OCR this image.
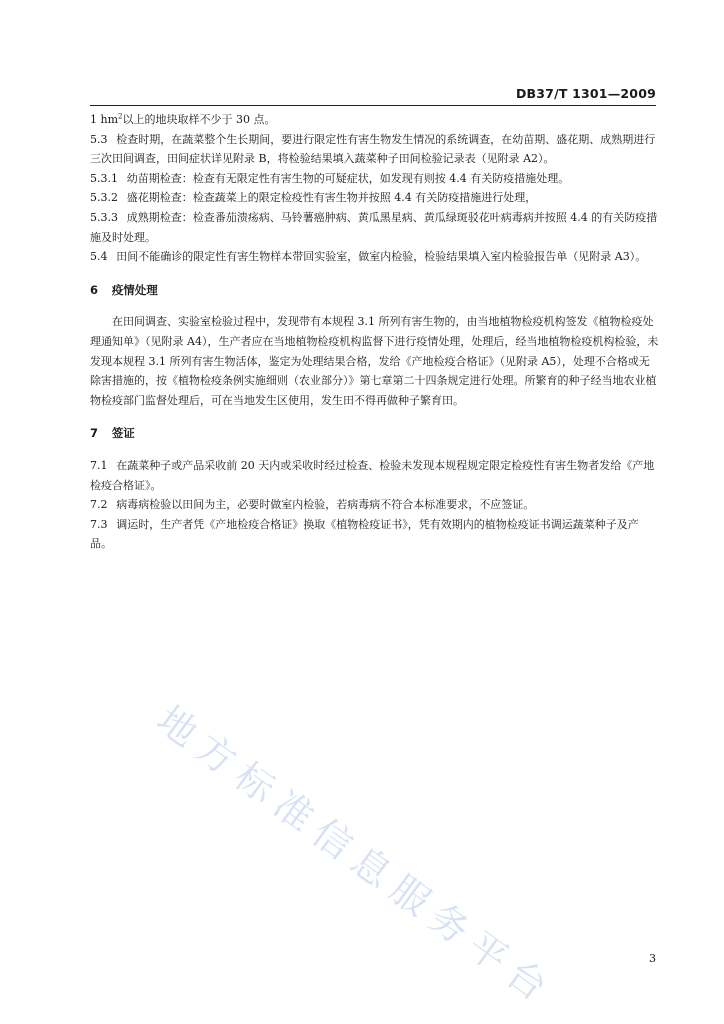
DB37/T 1301—2009

1 $hm^2$以上的地块取样不少于 30 点。

5.3 检查时期，在蔬菜整个生长期间，要进行限定性有害生物发生情况的系统调查，在幼苗期、盛花期、成熟期进行三次田间调查，田间症状详见附录 B，将检验结果填入蔬菜种子田间检验记录表（见附录 A2）。

5.3.1 幼苗期检查：检查有无限定性有害生物的可疑症状，如发现有则按 4.4 有关防疫措施处理。

5.3.2 盛花期检查：检查蔬菜上的限定检疫性有害生物并按照 4.4 有关防疫措施进行处理，

5.3.3 成熟期检查：检查番茄溃疡病、马铃薯癌肿病、黄瓜黑星病、黄瓜绿斑驳花叶病毒病并按照 4.4 的有关防疫措施及时处理。

5.4 田间不能确诊的限定性有害生物样本带回实验室，做室内检验，检验结果填入室内检验报告单（见附录 A3）。

6 疫情处理

在田间调查、实验室检验过程中，发现带有本规程 3.1 所列有害生物的，由当地植物检疫机构签发《植物检疫处理通知单》（见附录 A4），生产者应在当地植物检疫机构监督下进行疫情处理，处理后，经当地植物检疫机构检验，未发现本规程 3.1 所列有害生物活体，鉴定为处理结果合格，发给《产地检疫合格证》（见附录 A5），处理不合格或无除害措施的，按《植物检疫条例实施细则（农业部分）》第七章第二十四条规定进行处理。所繁育的种子经当地农业植物检疫部门监督处理后，可在当地发生区使用，发生田不得再做种子繁育田。

7 签证

7.1 在蔬菜种子或产品采收前 20 天内或采收时经过检查、检验未发现本规程规定限定检疫性有害生物者发给《产地检疫合格证》。

7.2 病毒病检验以田间为主，必要时做室内检验，若病毒病不符合本标准要求，不应签证。

7.3 调运时，生产者凭《产地检疫合格证》换取《植物检疫证书》，凭有效期内的植物检疫证书调运蔬菜种子及产品。

地方标准信息服务平台	3
